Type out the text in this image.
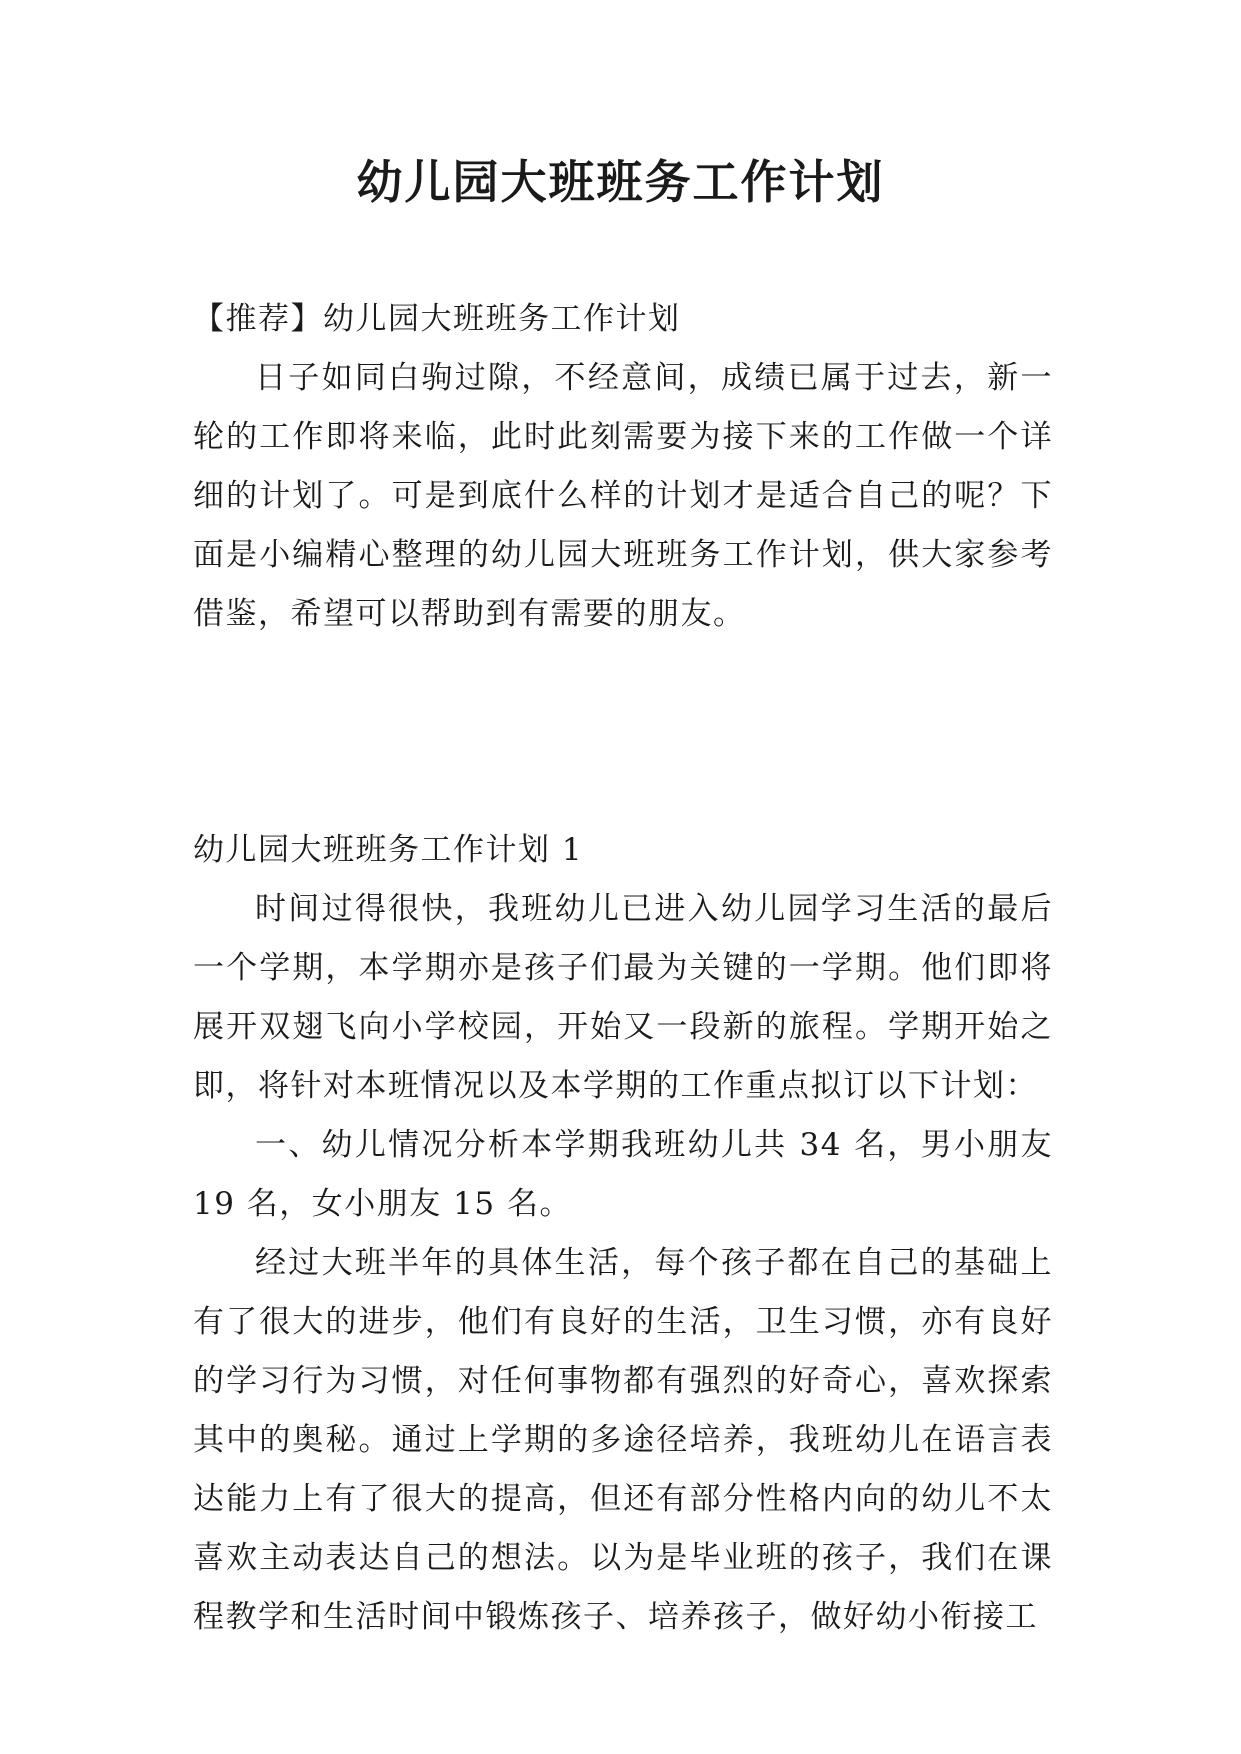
幼儿园大班班务工作计划

【推荐】幼儿园大班班务工作计划

日子如同白驹过隙，不经意间，成绩已属于过去，新一轮的工作即将来临，此时此刻需要为接下来的工作做一个详细的计划了。可是到底什么样的计划才是适合自己的呢？下面是小编精心整理的幼儿园大班班务工作计划，供大家参考借鉴，希望可以帮助到有需要的朋友。

幼儿园大班班务工作计划 1

时间过得很快，我班幼儿已进入幼儿园学习生活的最后一个学期，本学期亦是孩子们最为关键的一学期。他们即将展开双翅飞向小学校园，开始又一段新的旅程。学期开始之即，将针对本班情况以及本学期的工作重点拟订以下计划：

一、幼儿情况分析本学期我班幼儿共 34 名，男小朋友 19 名，女小朋友 15 名。

经过大班半年的具体生活，每个孩子都在自己的基础上有了很大的进步，他们有良好的生活，卫生习惯，亦有良好的学习行为习惯，对任何事物都有强烈的好奇心，喜欢探索其中的奥秘。通过上学期的多途径培养，我班幼儿在语言表达能力上有了很大的提高，但还有部分性格内向的幼儿不太喜欢主动表达自己的想法。以为是毕业班的孩子，我们在课程教学和生活时间中锻炼孩子、培养孩子，做好幼小衔接工
